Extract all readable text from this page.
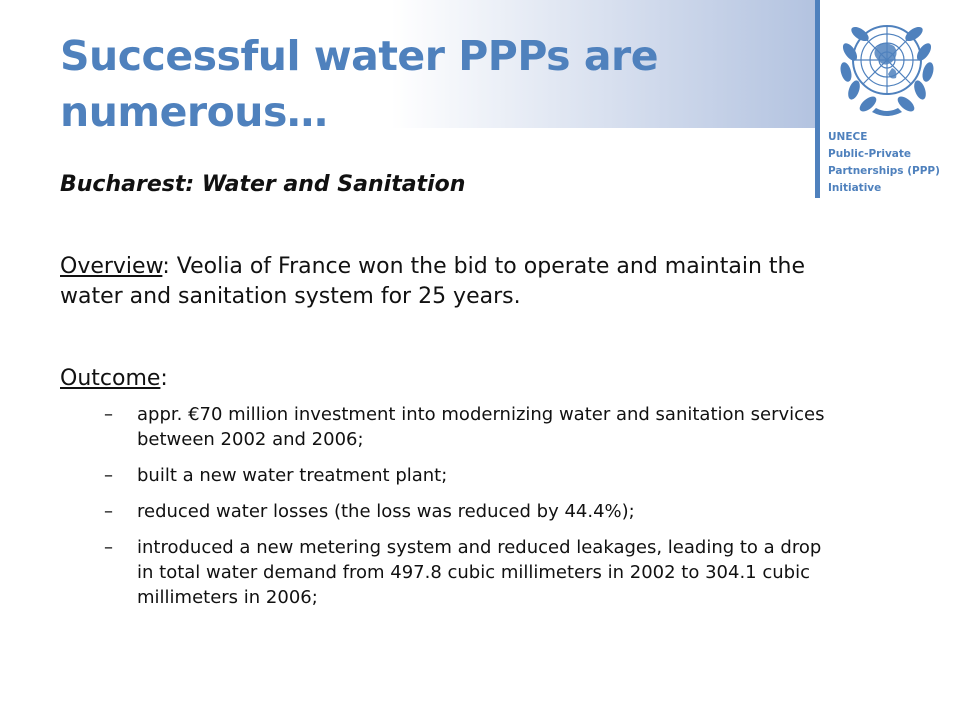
Successful water PPPs are numerous…
UNECE
Public-Private
Partnerships (PPP)
Initiative

Bucharest: Water and Sanitation

Overview: Veolia of France won the bid to operate and maintain the water and sanitation system for 25 years.

Outcome:

– appr. €70 million investment into modernizing water and sanitation services between 2002 and 2006;
– built a new water treatment plant;
– reduced water losses (the loss was reduced by 44.4%);
– introduced a new metering system and reduced leakages, leading to a drop in total water demand from 497.8 cubic millimeters in 2002 to 304.1 cubic millimeters in 2006;
